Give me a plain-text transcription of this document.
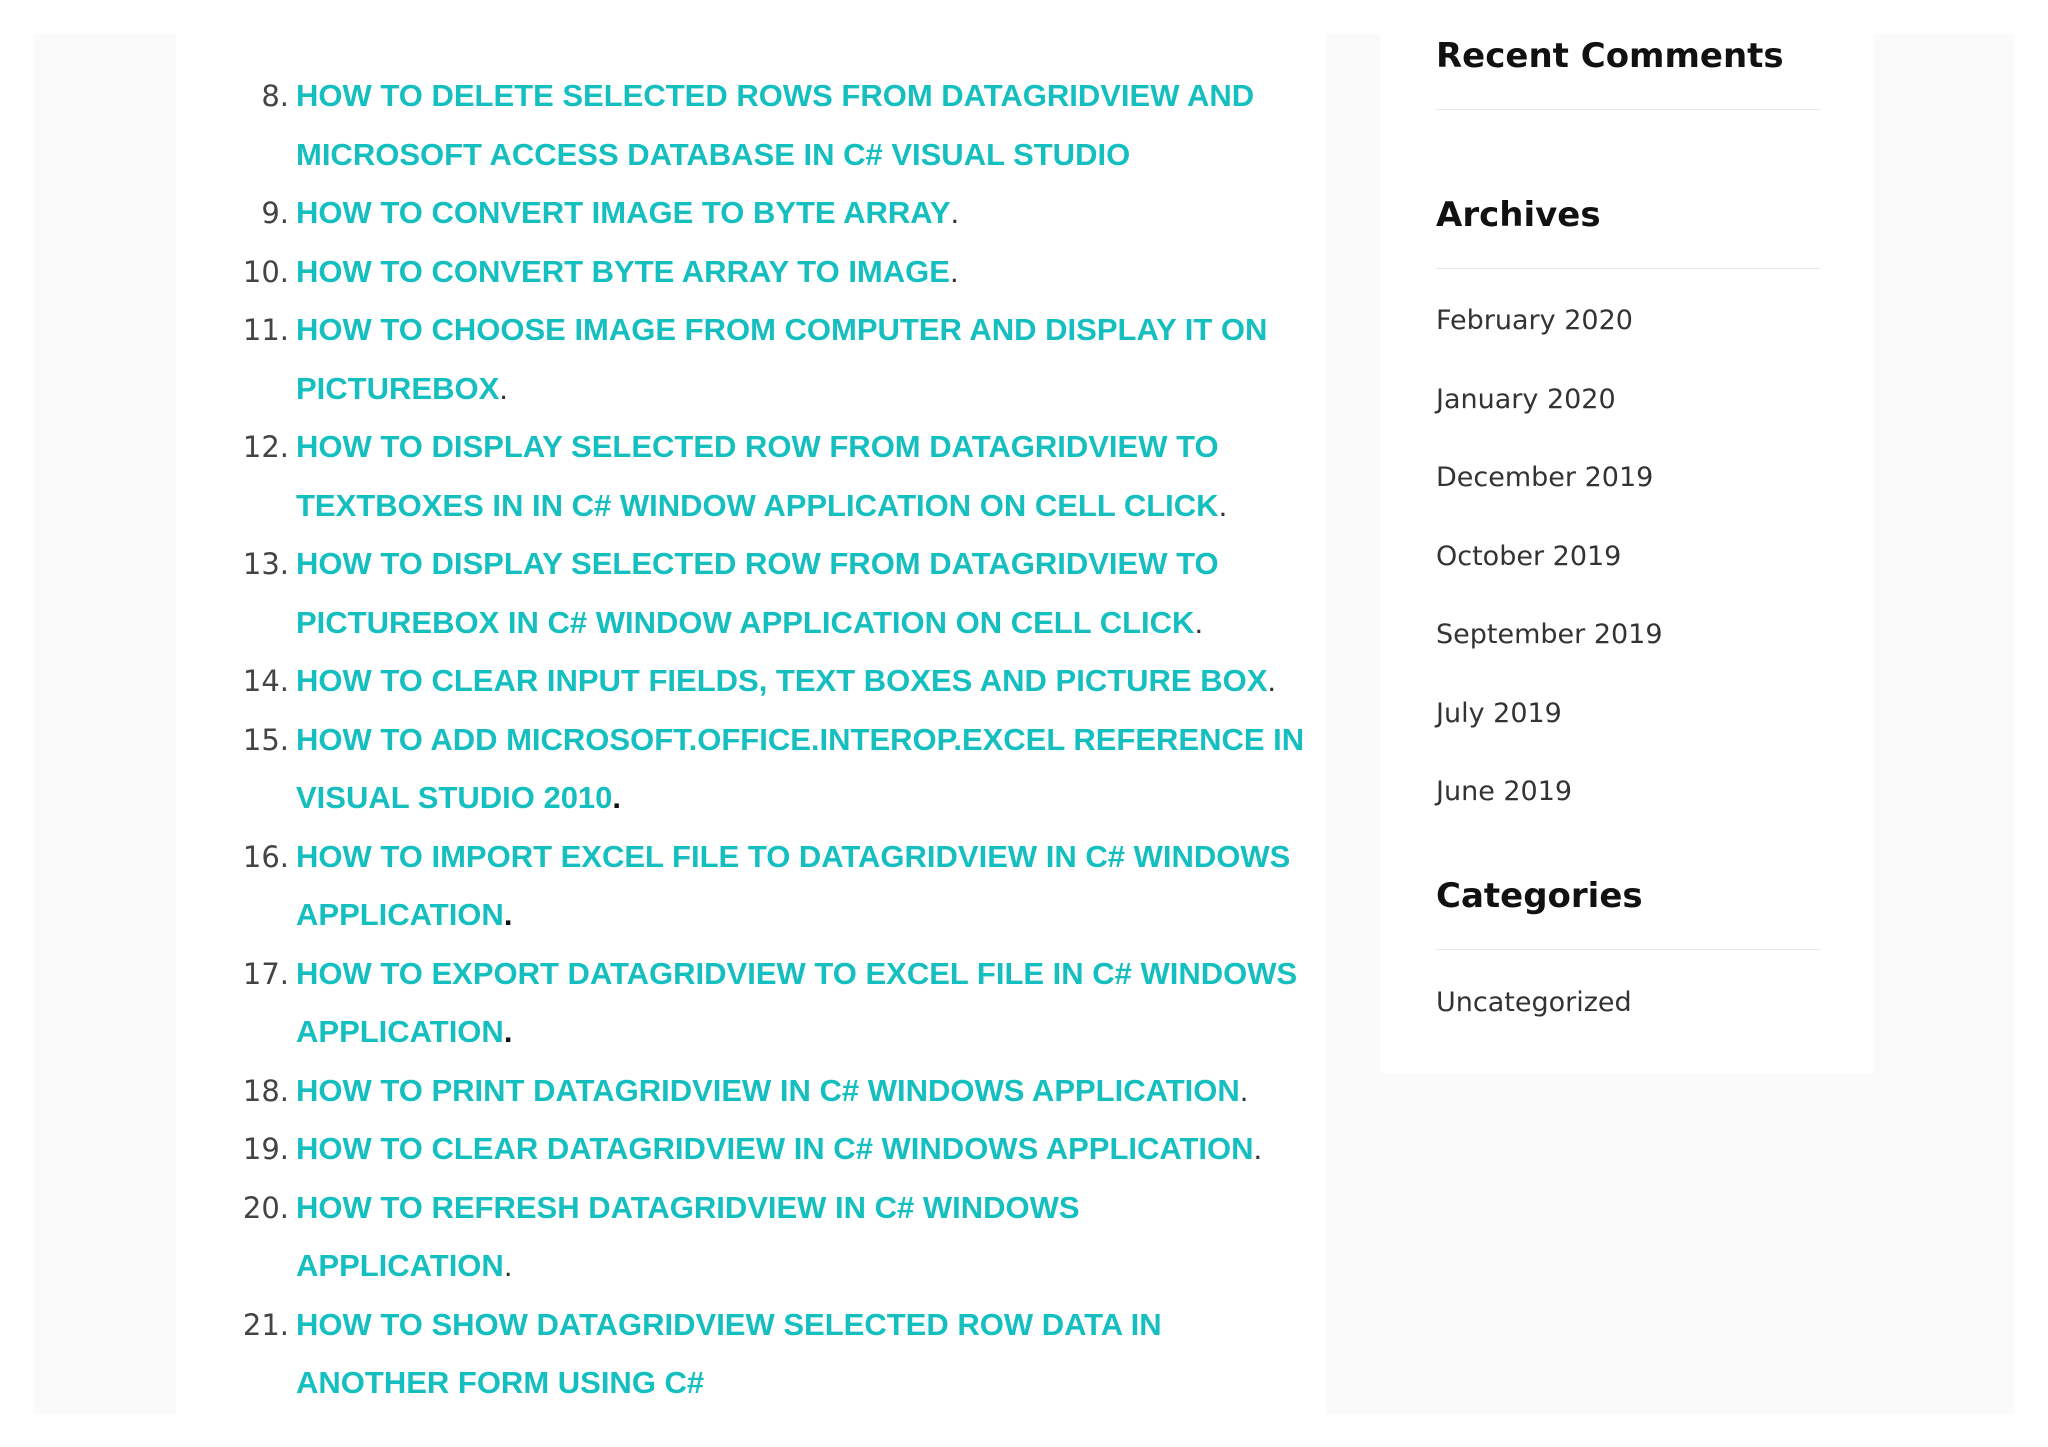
8. HOW TO DELETE SELECTED ROWS FROM DATAGRIDVIEW AND
MICROSOFT ACCESS DATABASE IN C# VISUAL STUDIO
9. HOW TO CONVERT IMAGE TO BYTE ARRAY.
10. HOW TO CONVERT BYTE ARRAY TO IMAGE.
11. HOW TO CHOOSE IMAGE FROM COMPUTER AND DISPLAY IT ON
PICTUREBOX.
12. HOW TO DISPLAY SELECTED ROW FROM DATAGRIDVIEW TO
TEXTBOXES IN IN C# WINDOW APPLICATION ON CELL CLICK.
13. HOW TO DISPLAY SELECTED ROW FROM DATAGRIDVIEW TO
PICTUREBOX IN C# WINDOW APPLICATION ON CELL CLICK.
14. HOW TO CLEAR INPUT FIELDS, TEXT BOXES AND PICTURE BOX.
15. HOW TO ADD MICROSOFT.OFFICE.INTEROP.EXCEL REFERENCE IN
VISUAL STUDIO 2010.
16. HOW TO IMPORT EXCEL FILE TO DATAGRIDVIEW IN C# WINDOWS
APPLICATION.
17. HOW TO EXPORT DATAGRIDVIEW TO EXCEL FILE IN C# WINDOWS
APPLICATION.
18. HOW TO PRINT DATAGRIDVIEW IN C# WINDOWS APPLICATION.
19. HOW TO CLEAR DATAGRIDVIEW IN C# WINDOWS APPLICATION.
20. HOW TO REFRESH DATAGRIDVIEW IN C# WINDOWS
APPLICATION.
21. HOW TO SHOW DATAGRIDVIEW SELECTED ROW DATA IN
ANOTHER FORM USING C#
Recent Comments
Archives
February 2020
January 2020
December 2019
October 2019
September 2019
July 2019
June 2019
Categories
Uncategorized
